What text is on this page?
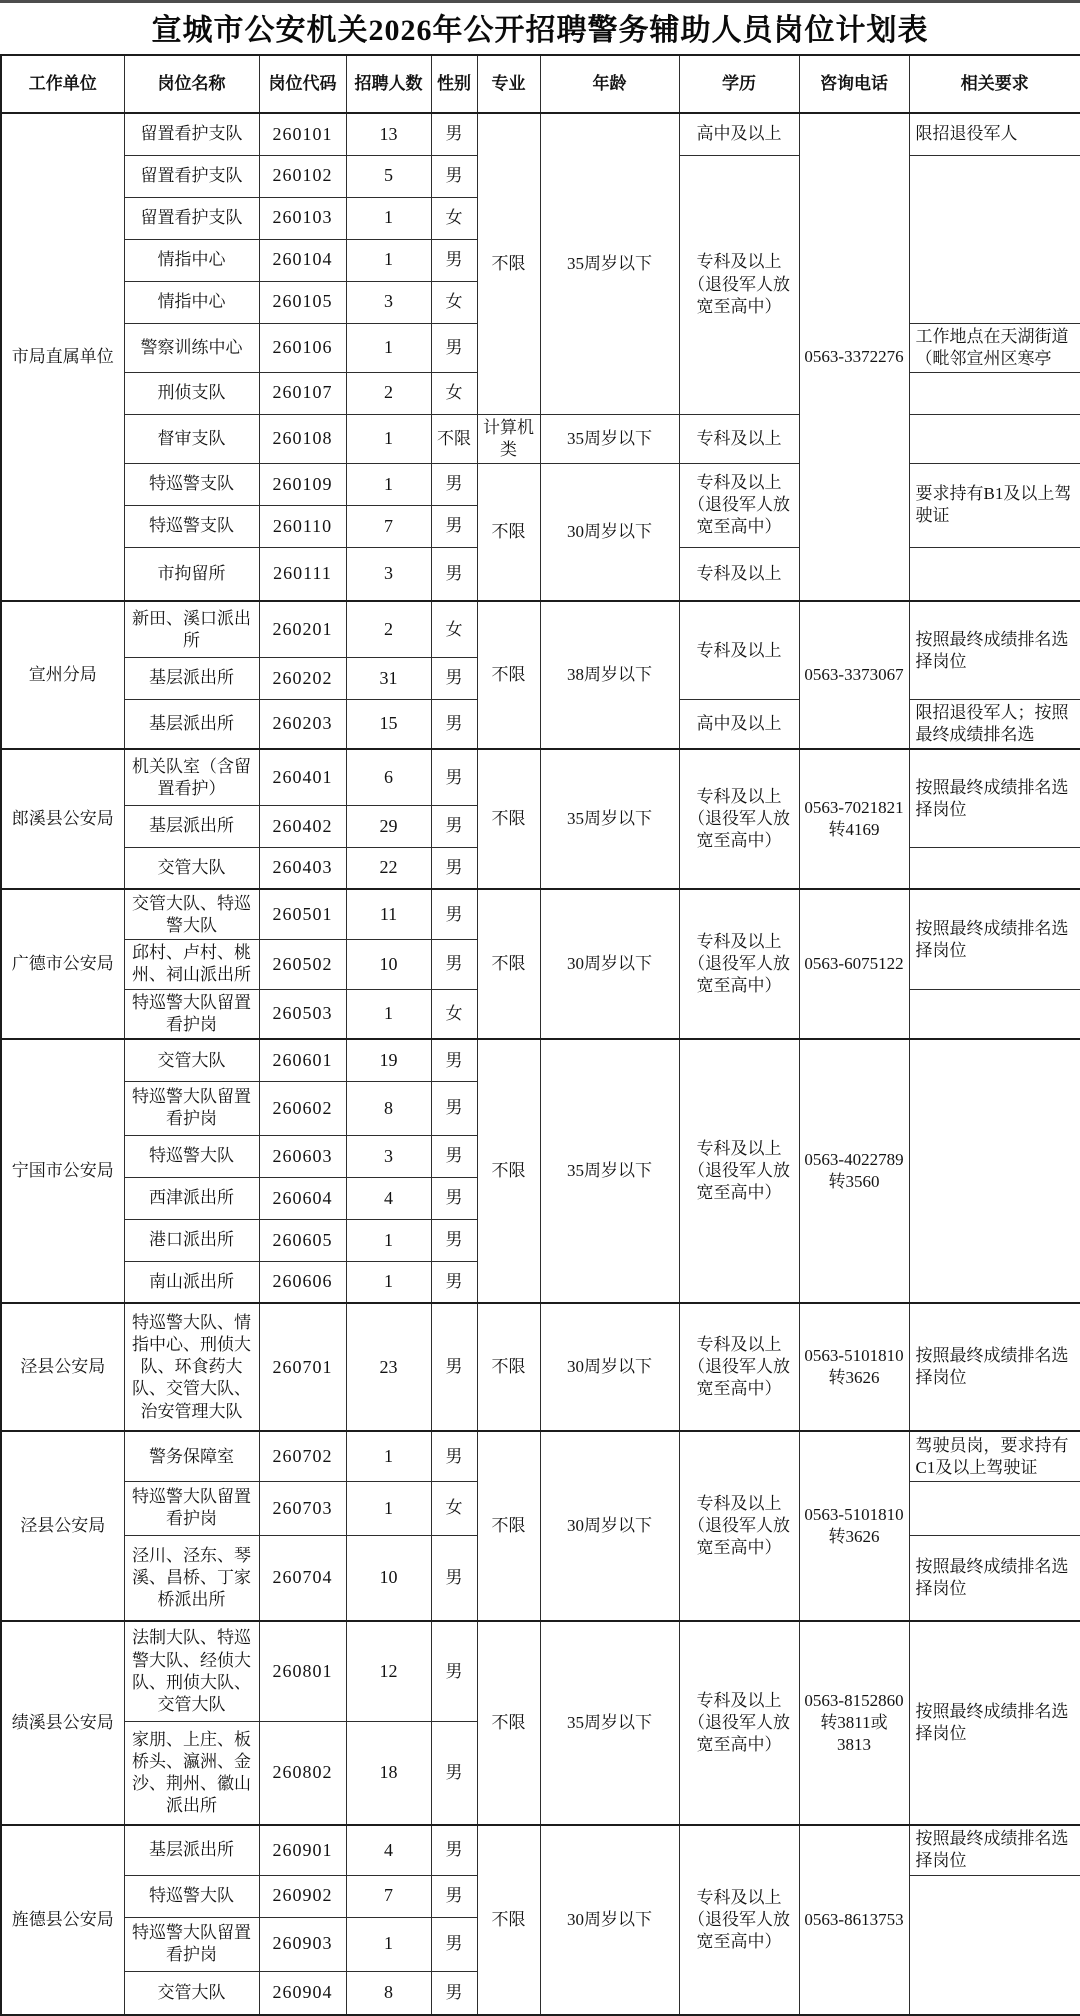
宣城市公安机关2026年公开招聘警务辅助人员岗位计划表
工作单位	岗位名称	岗位代码	招聘人数	性别	专业	年龄	学历	咨询电话	相关要求
市局直属单位	留置看护支队	260101	13	男	不限	35周岁以下	高中及以上	0563-3372276	限招退役军人
	留置看护支队	260102	5	男			专科及以上（退役军人放宽至高中）		
	留置看护支队	260103	1	女					
	情指中心	260104	1	男					
	情指中心	260105	3	女					
	警察训练中心	260106	1	男					工作地点在天湖街道（毗邻宣州区寒亭
	刑侦支队	260107	2	女					
	督审支队	260108	1	不限	计算机类	35周岁以下	专科及以上		
	特巡警支队	260109	1	男	不限	30周岁以下	专科及以上（退役军人放宽至高中）		要求持有B1及以上驾驶证
	特巡警支队	260110	7	男					
	市拘留所	260111	3	男			专科及以上		
宣州分局	新田、溪口派出所	260201	2	女	不限	38周岁以下	专科及以上	0563-3373067	按照最终成绩排名选择岗位
	基层派出所	260202	31	男					
	基层派出所	260203	15	男			高中及以上		限招退役军人；按照最终成绩排名选
郎溪县公安局	机关队室（含留置看护）	260401	6	男	不限	35周岁以下	专科及以上（退役军人放宽至高中）	0563-7021821转4169	按照最终成绩排名选择岗位
	基层派出所	260402	29	男					
	交管大队	260403	22	男					
广德市公安局	交管大队、特巡警大队	260501	11	男	不限	30周岁以下	专科及以上（退役军人放宽至高中）	0563-6075122	按照最终成绩排名选择岗位
	邱村、卢村、桃州、祠山派出所	260502	10	男					
	特巡警大队留置看护岗	260503	1	女					
宁国市公安局	交管大队	260601	19	男	不限	35周岁以下	专科及以上（退役军人放宽至高中）	0563-4022789转3560	
	特巡警大队留置看护岗	260602	8	男					
	特巡警大队	260603	3	男					
	西津派出所	260604	4	男					
	港口派出所	260605	1	男					
	南山派出所	260606	1	男					
泾县公安局	特巡警大队、情指中心、刑侦大队、环食药大队、交管大队、治安管理大队	260701	23	男	不限	30周岁以下	专科及以上（退役军人放宽至高中）	0563-5101810转3626	按照最终成绩排名选择岗位
泾县公安局	警务保障室	260702	1	男	不限	30周岁以下	专科及以上（退役军人放宽至高中）	0563-5101810转3626	驾驶员岗，要求持有C1及以上驾驶证
	特巡警大队留置看护岗	260703	1	女					
	泾川、泾东、琴溪、昌桥、丁家桥派出所	260704	10	男					按照最终成绩排名选择岗位
绩溪县公安局	法制大队、特巡警大队、经侦大队、刑侦大队、交管大队	260801	12	男	不限	35周岁以下	专科及以上（退役军人放宽至高中）	0563-8152860转3811或3813	按照最终成绩排名选择岗位
	家朋、上庄、板桥头、瀛洲、金沙、荆州、徽山派出所	260802	18	男					
旌德县公安局	基层派出所	260901	4	男	不限	30周岁以下	专科及以上（退役军人放宽至高中）	0563-8613753	按照最终成绩排名选择岗位
	特巡警大队	260902	7	男					
	特巡警大队留置看护岗	260903	1	男					
	交管大队	260904	8	男					
